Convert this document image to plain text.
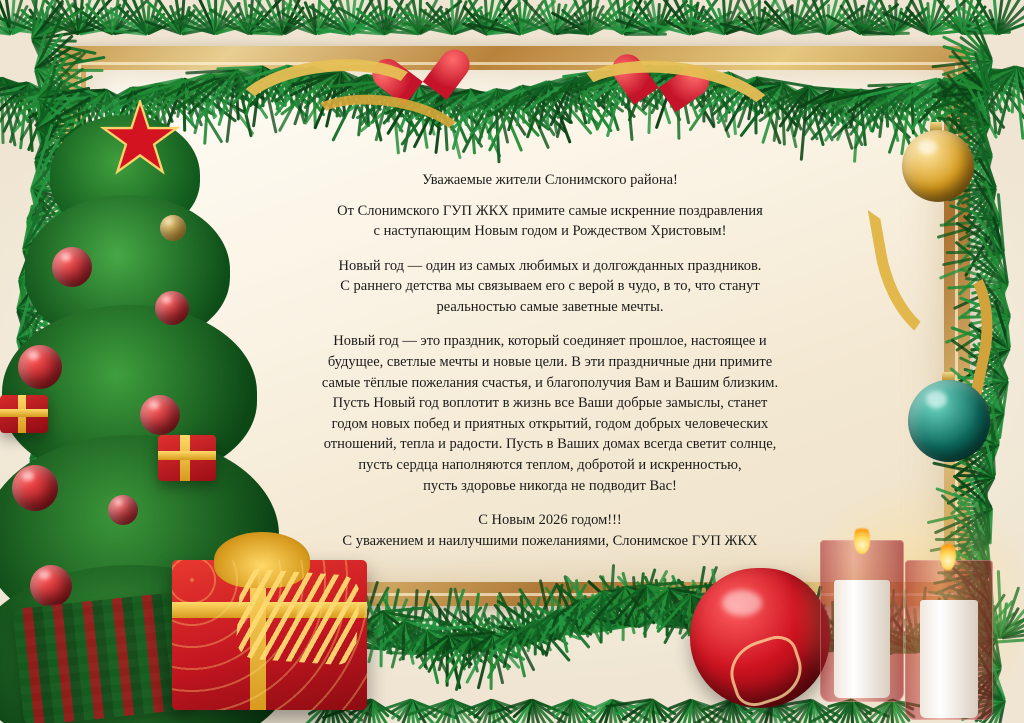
Уважаемые жители Слонимского района!

От Слонимского ГУП ЖКХ примите самые искренние поздравления
с наступающим Новым годом и Рождеством Христовым!

Новый год — один из самых любимых и долгожданных праздников.
С раннего детства мы связываем его с верой в чудо, в то, что станут
реальностью самые заветные мечты.

Новый год — это праздник, который соединяет прошлое, настоящее и
будущее, светлые мечты и новые цели. В эти праздничные дни примите
самые тёплые пожелания счастья, и благополучия Вам и Вашим близким.
Пусть Новый год воплотит в жизнь все Ваши добрые замыслы, станет
годом новых побед и приятных открытий, годом добрых человеческих
отношений, тепла и радости. Пусть в Ваших домах всегда светит солнце,
пусть сердца наполняются теплом, добротой и искренностью,
пусть здоровье никогда не подводит Вас!

С Новым 2026 годом!!!
С уважением и наилучшими пожеланиями, Слонимское ГУП ЖКХ
